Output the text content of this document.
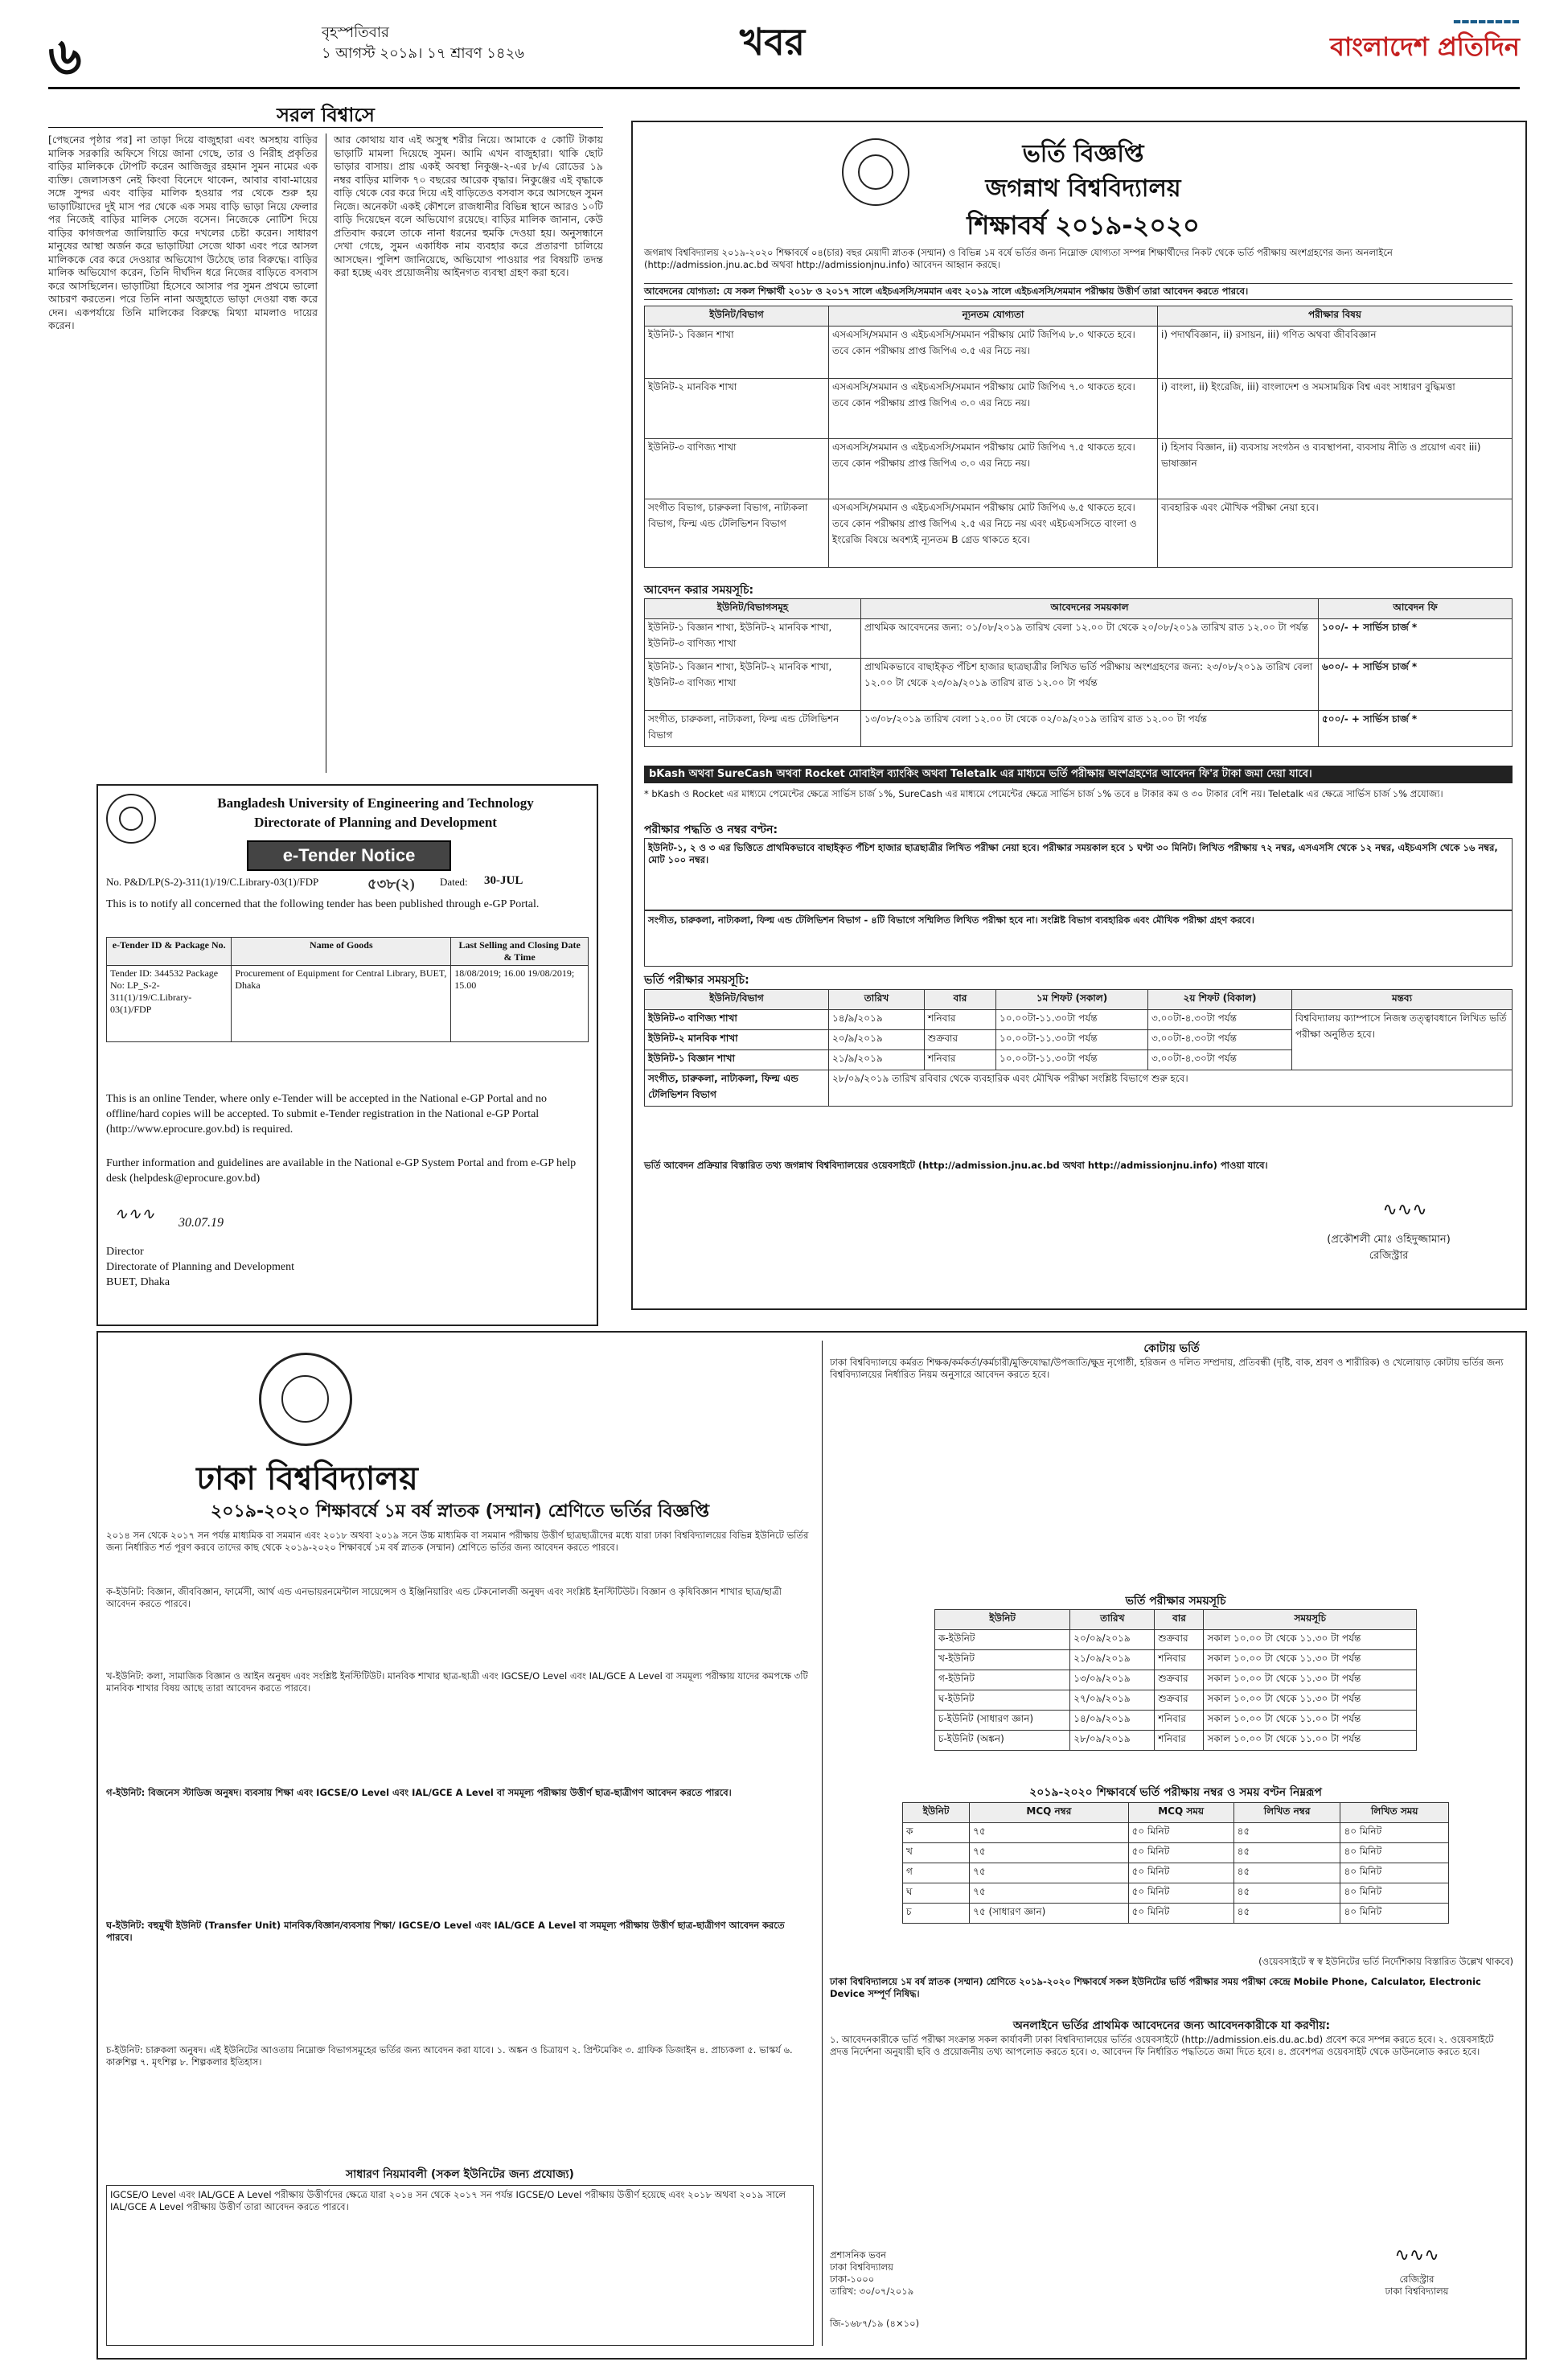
৬	বৃহস্পতিবার
১ আগস্ট ২০১৯। ১৭ শ্রাবণ ১৪২৬	খবর	▬▬▬▬▬▬▬▬
বাংলাদেশ প্রতিদিন
সরল বিশ্বাসে
[পেছনের পৃষ্ঠার পর] না তাড়া দিয়ে বাজুহারা এবং অসহায় বাড়ির মালিক সরকারি অফিসে গিয়ে জানা গেছে, তার ও নিরীহ প্রকৃতির বাড়ির মালিককে টোপটি করেন আজিজুর রহমান সুমন নামের এক ব্যক্তি। জেলাসত্তণ নেই কিংবা বিনেদে থাকেন, আবার বাবা-মায়ের সঙ্গে সুন্দর এবং বাড়ির মালিক হওয়ার পর থেকে শুরু হয় ভাড়াটিয়াদের দুই মাস পর থেকে এক সময় বাড়ি ভাড়া নিয়ে ফেলার পর নিজেই বাড়ির মালিক সেজে বসেন। নিজেকে নোটিশ দিয়ে বাড়ির কাগজপত্র জালিয়াতি করে দখলের চেষ্টা করেন। সাধারণ মানুষের আস্থা অর্জন করে ভাড়াটিয়া সেজে থাকা এবং পরে আসল মালিককে বের করে দেওয়ার অভিযোগ উঠেছে তার বিরুদ্ধে। বাড়ির মালিক অভিযোগ করেন, তিনি দীর্ঘদিন ধরে নিজের বাড়িতে বসবাস করে আসছিলেন। ভাড়াটিয়া হিসেবে আসার পর সুমন প্রথমে ভালো আচরণ করতেন। পরে তিনি নানা অজুহাতে ভাড়া দেওয়া বন্ধ করে দেন। একপর্যায়ে তিনি মালিকের বিরুদ্ধে মিথ্যা মামলাও দায়ের করেন।
আর কোথায় যাব এই অসুস্থ শরীর নিয়ে। আমাকে ৫ কোটি টাকায় ভাড়াটি মামলা দিয়েছে সুমন। আমি এখন বাজুহারা। থাকি ছোট ভাড়ার বাসায়। প্রায় একই অবস্থা নিকুঞ্জ-২-এর ৮/এ রোডের ১৯ নম্বর বাড়ির মালিক ৭০ বছরের আরেক বৃদ্ধার। নিকুঞ্জের এই বৃদ্ধাকে বাড়ি থেকে বের করে দিয়ে এই বাড়িতেও বসবাস করে আসছেন সুমন নিজে। অনেকটা একই কৌশলে রাজধানীর বিভিন্ন স্থানে আরও ১০টি বাড়ি দিয়েছেন বলে অভিযোগ রয়েছে। বাড়ির মালিক জানান, কেউ প্রতিবাদ করলে তাকে নানা ধরনের হুমকি দেওয়া হয়। অনুসন্ধানে দেখা গেছে, সুমন একাধিক নাম ব্যবহার করে প্রতারণা চালিয়ে আসছেন। পুলিশ জানিয়েছে, অভিযোগ পাওয়ার পর বিষয়টি তদন্ত করা হচ্ছে এবং প্রয়োজনীয় আইনগত ব্যবস্থা গ্রহণ করা হবে।
Bangladesh University of Engineering and Technology
Directorate of Planning and Development
e-Tender Notice
No. P&D/LP(S-2)-311(1)/19/C.Library-03(1)/FDP	৫৩৮(২)	Dated:	30-JUL
This is to notify all concerned that the following tender has been published through e-GP Portal.
e-Tender ID & Package No.	Name of Goods	Last Selling and Closing Date & Time
Tender ID: 344532 Package No: LP_S-2-311(1)/19/C.Library-03(1)/FDP	Procurement of Equipment for Central Library, BUET, Dhaka	18/08/2019; 16.00 19/08/2019; 15.00
This is an online Tender, where only e-Tender will be accepted in the National e-GP Portal and no offline/hard copies will be accepted. To submit e-Tender registration in the National e-GP Portal (http://www.eprocure.gov.bd) is required.
Further information and guidelines are available in the National e-GP System Portal and from e-GP help desk (helpdesk@eprocure.gov.bd)
∿∿∿	30.07.19
Director
Directorate of Planning and Development
BUET, Dhaka
ভর্তি বিজ্ঞপ্তি
জগন্নাথ বিশ্ববিদ্যালয়
শিক্ষাবর্ষ ২০১৯-২০২০
জগন্নাথ বিশ্ববিদ্যালয় ২০১৯-২০২০ শিক্ষাবর্ষে ০৪(চার) বছর মেয়াদী স্নাতক (সম্মান) ও বিভিন্ন ১ম বর্ষে ভর্তির জন্য নিম্নোক্ত যোগ্যতা সম্পন্ন শিক্ষার্থীদের নিকট থেকে ভর্তি পরীক্ষায় অংশগ্রহণের জন্য অনলাইনে (http://admission.jnu.ac.bd অথবা http://admissionjnu.info) আবেদন আহ্বান করছে।
আবেদনের যোগ্যতা: যে সকল শিক্ষার্থী ২০১৮ ও ২০১৭ সালে এইচএসসি/সমমান এবং ২০১৯ সালে এইচএসসি/সমমান পরীক্ষায় উত্তীর্ণ তারা আবেদন করতে পারবে।
ইউনিট/বিভাগ	ন্যূনতম যোগ্যতা	পরীক্ষার বিষয়
ইউনিট-১ বিজ্ঞান শাখা	এসএসসি/সমমান ও এইচএসসি/সমমান পরীক্ষায় মোট জিপিএ ৮.০ থাকতে হবে। তবে কোন পরীক্ষায় প্রাপ্ত জিপিএ ৩.৫ এর নিচে নয়।	i) পদার্থবিজ্ঞান, ii) রসায়ন, iii) গণিত অথবা জীববিজ্ঞান
ইউনিট-২ মানবিক শাখা	এসএসসি/সমমান ও এইচএসসি/সমমান পরীক্ষায় মোট জিপিএ ৭.০ থাকতে হবে। তবে কোন পরীক্ষায় প্রাপ্ত জিপিএ ৩.০ এর নিচে নয়।	i) বাংলা, ii) ইংরেজি, iii) বাংলাদেশ ও সমসাময়িক বিশ্ব এবং সাধারণ বুদ্ধিমত্তা
ইউনিট-৩ বাণিজ্য শাখা	এসএসসি/সমমান ও এইচএসসি/সমমান পরীক্ষায় মোট জিপিএ ৭.৫ থাকতে হবে। তবে কোন পরীক্ষায় প্রাপ্ত জিপিএ ৩.০ এর নিচে নয়।	i) হিসাব বিজ্ঞান, ii) ব্যবসায় সংগঠন ও ব্যবস্থাপনা, ব্যবসায় নীতি ও প্রয়োগ এবং iii) ভাষাজ্ঞান
সংগীত বিভাগ, চারুকলা বিভাগ, নাট্যকলা বিভাগ, ফিল্ম এন্ড টেলিভিশন বিভাগ	এসএসসি/সমমান ও এইচএসসি/সমমান পরীক্ষায় মোট জিপিএ ৬.৫ থাকতে হবে। তবে কোন পরীক্ষায় প্রাপ্ত জিপিএ ২.৫ এর নিচে নয় এবং এইচএসসিতে বাংলা ও ইংরেজি বিষয়ে অবশ্যই ন্যূনতম B গ্রেড থাকতে হবে।	ব্যবহারিক এবং মৌখিক পরীক্ষা নেয়া হবে।
আবেদন করার সময়সূচি:
ইউনিট/বিভাগসমূহ	আবেদনের সময়কাল	আবেদন ফি
ইউনিট-১ বিজ্ঞান শাখা, ইউনিট-২ মানবিক শাখা, ইউনিট-৩ বাণিজ্য শাখা	প্রাথমিক আবেদনের জন্য: ০১/০৮/২০১৯ তারিখ বেলা ১২.০০ টা থেকে ২০/০৮/২০১৯ তারিখ রাত ১২.০০ টা পর্যন্ত	১০০/- + সার্ভিস চার্জ *
ইউনিট-১ বিজ্ঞান শাখা, ইউনিট-২ মানবিক শাখা, ইউনিট-৩ বাণিজ্য শাখা	প্রাথমিকভাবে বাছাইকৃত পঁচিশ হাজার ছাত্রছাত্রীর লিখিত ভর্তি পরীক্ষায় অংশগ্রহণের জন্য: ২৩/০৮/২০১৯ তারিখ বেলা ১২.০০ টা থেকে ২৩/০৯/২০১৯ তারিখ রাত ১২.০০ টা পর্যন্ত	৬০০/- + সার্ভিস চার্জ *
সংগীত, চারুকলা, নাট্যকলা, ফিল্ম এন্ড টেলিভিশন বিভাগ	১৩/০৮/২০১৯ তারিখ বেলা ১২.০০ টা থেকে ০২/০৯/২০১৯ তারিখ রাত ১২.০০ টা পর্যন্ত	৫০০/- + সার্ভিস চার্জ *
bKash অথবা SureCash অথবা Rocket মোবাইল ব্যাংকিং অথবা Teletalk এর মাধ্যমে ভর্তি পরীক্ষায় অংশগ্রহণের আবেদন ফি'র টাকা জমা দেয়া যাবে।
* bKash ও Rocket এর মাধ্যমে পেমেন্টের ক্ষেত্রে সার্ভিস চার্জ ১%, SureCash এর মাধ্যমে পেমেন্টের ক্ষেত্রে সার্ভিস চার্জ ১% তবে ৪ টাকার কম ও ৩০ টাকার বেশি নয়। Teletalk এর ক্ষেত্রে সার্ভিস চার্জ ১% প্রযোজ্য।
পরীক্ষার পদ্ধতি ও নম্বর বণ্টন:
ইউনিট-১, ২ ও ৩ এর ভিত্তিতে প্রাথমিকভাবে বাছাইকৃত পঁচিশ হাজার ছাত্রছাত্রীর লিখিত পরীক্ষা নেয়া হবে। পরীক্ষার সময়কাল হবে ১ ঘণ্টা ৩০ মিনিট। লিখিত পরীক্ষায় ৭২ নম্বর, এসএসসি থেকে ১২ নম্বর, এইচএসসি থেকে ১৬ নম্বর, মোট ১০০ নম্বর।
সংগীত, চারুকলা, নাট্যকলা, ফিল্ম এন্ড টেলিভিশন বিভাগ - ৪টি বিভাগে সম্মিলিত লিখিত পরীক্ষা হবে না। সংশ্লিষ্ট বিভাগ ব্যবহারিক এবং মৌখিক পরীক্ষা গ্রহণ করবে।
ভর্তি পরীক্ষার সময়সূচি:
ইউনিট/বিভাগ	তারিখ	বার	১ম শিফট (সকাল)	২য় শিফট (বিকাল)	মন্তব্য
ইউনিট-৩ বাণিজ্য শাখা	১৪/৯/২০১৯	শনিবার	১০.০০টা-১১.৩০টা পর্যন্ত	৩.০০টা-৪.৩০টা পর্যন্ত	বিশ্ববিদ্যালয় ক্যাম্পাসে নিজস্ব তত্ত্বাবধানে লিখিত ভর্তি পরীক্ষা অনুষ্ঠিত হবে।
ইউনিট-২ মানবিক শাখা	২০/৯/২০১৯	শুক্রবার	১০.০০টা-১১.৩০টা পর্যন্ত	৩.০০টা-৪.৩০টা পর্যন্ত	
ইউনিট-১ বিজ্ঞান শাখা	২১/৯/২০১৯	শনিবার	১০.০০টা-১১.৩০টা পর্যন্ত	৩.০০টা-৪.৩০টা পর্যন্ত	
সংগীত, চারুকলা, নাট্যকলা, ফিল্ম এন্ড টেলিভিশন বিভাগ	২৮/০৯/২০১৯ তারিখ রবিবার থেকে ব্যবহারিক এবং মৌখিক পরীক্ষা সংশ্লিষ্ট বিভাগে শুরু হবে।				
ভর্তি আবেদন প্রক্রিয়ার বিস্তারিত তথ্য জগন্নাথ বিশ্ববিদ্যালয়ের ওয়েবসাইটে (http://admission.jnu.ac.bd অথবা http://admissionjnu.info) পাওয়া যাবে।
∿∿∿
(প্রকৌশলী মোঃ ওহিদুজ্জামান)
রেজিস্ট্রার
ঢাকা বিশ্ববিদ্যালয়
২০১৯-২০২০ শিক্ষাবর্ষে ১ম বর্ষ স্নাতক (সম্মান) শ্রেণিতে ভর্তির বিজ্ঞপ্তি
২০১৪ সন থেকে ২০১৭ সন পর্যন্ত মাধ্যমিক বা সমমান এবং ২০১৮ অথবা ২০১৯ সনে উচ্চ মাধ্যমিক বা সমমান পরীক্ষায় উত্তীর্ণ ছাত্রছাত্রীদের মধ্যে যারা ঢাকা বিশ্ববিদ্যালয়ের বিভিন্ন ইউনিটে ভর্তির জন্য নির্ধারিত শর্ত পূরণ করবে তাদের কাছ থেকে ২০১৯-২০২০ শিক্ষাবর্ষে ১ম বর্ষ স্নাতক (সম্মান) শ্রেণিতে ভর্তির জন্য আবেদন করতে পারবে।
ক-ইউনিট: বিজ্ঞান, জীববিজ্ঞান, ফার্মেসী, আর্থ এন্ড এনভায়রনমেন্টাল সায়েন্সেস ও ইঞ্জিনিয়ারিং এন্ড টেকনোলজী অনুষদ এবং সংশ্লিষ্ট ইনস্টিটিউট। বিজ্ঞান ও কৃষিবিজ্ঞান শাখার ছাত্র/ছাত্রী আবেদন করতে পারবে।
খ-ইউনিট: কলা, সামাজিক বিজ্ঞান ও আইন অনুষদ এবং সংশ্লিষ্ট ইনস্টিটিউট। মানবিক শাখার ছাত্র-ছাত্রী এবং IGCSE/O Level এবং IAL/GCE A Level বা সমমূল্য পরীক্ষায় যাদের কমপক্ষে ৩টি মানবিক শাখার বিষয় আছে তারা আবেদন করতে পারবে।
গ-ইউনিট: বিজনেস স্টাডিজ অনুষদ। ব্যবসায় শিক্ষা এবং IGCSE/O Level এবং IAL/GCE A Level বা সমমূল্য পরীক্ষায় উত্তীর্ণ ছাত্র-ছাত্রীগণ আবেদন করতে পারবে।
ঘ-ইউনিট: বহুমুখী ইউনিট (Transfer Unit) মানবিক/বিজ্ঞান/ব্যবসায় শিক্ষা/ IGCSE/O Level এবং IAL/GCE A Level বা সমমূল্য পরীক্ষায় উত্তীর্ণ ছাত্র-ছাত্রীগণ আবেদন করতে পারবে।
চ-ইউনিট: চারুকলা অনুষদ। এই ইউনিটের আওতায় নিম্নোক্ত বিভাগসমূহের ভর্তির জন্য আবেদন করা যাবে। ১. অঙ্কন ও চিত্রায়ণ ২. প্রিন্টমেকিং ৩. গ্রাফিক ডিজাইন ৪. প্রাচ্যকলা ৫. ভাস্কর্য ৬. কারুশিল্প ৭. মৃৎশিল্প ৮. শিল্পকলার ইতিহাস।
সাধারণ নিয়মাবলী (সকল ইউনিটের জন্য প্রযোজ্য)
IGCSE/O Level এবং IAL/GCE A Level পরীক্ষায় উত্তীর্ণদের ক্ষেত্রে যারা ২০১৪ সন থেকে ২০১৭ সন পর্যন্ত IGCSE/O Level পরীক্ষায় উত্তীর্ণ হয়েছে এবং ২০১৮ অথবা ২০১৯ সালে IAL/GCE A Level পরীক্ষায় উত্তীর্ণ তারা আবেদন করতে পারবে।
কোটায় ভর্তি
ঢাকা বিশ্ববিদ্যালয়ে কর্মরত শিক্ষক/কর্মকর্তা/কর্মচারী/মুক্তিযোদ্ধা/উপজাতি/ক্ষুদ্র নৃগোষ্ঠী, হরিজন ও দলিত সম্প্রদায়, প্রতিবন্ধী (দৃষ্টি, বাক, শ্রবণ ও শারীরিক) ও খেলোয়াড় কোটায় ভর্তির জন্য বিশ্ববিদ্যালয়ের নির্ধারিত নিয়ম অনুসারে আবেদন করতে হবে।
ভর্তি পরীক্ষার সময়সূচি
ইউনিট	তারিখ	বার	সময়সূচি
ক-ইউনিট	২০/০৯/২০১৯	শুক্রবার	সকাল ১০.০০ টা থেকে ১১.৩০ টা পর্যন্ত
খ-ইউনিট	২১/০৯/২০১৯	শনিবার	সকাল ১০.০০ টা থেকে ১১.৩০ টা পর্যন্ত
গ-ইউনিট	১৩/০৯/২০১৯	শুক্রবার	সকাল ১০.০০ টা থেকে ১১.৩০ টা পর্যন্ত
ঘ-ইউনিট	২৭/০৯/২০১৯	শুক্রবার	সকাল ১০.০০ টা থেকে ১১.৩০ টা পর্যন্ত
চ-ইউনিট (সাধারণ জ্ঞান)	১৪/০৯/২০১৯	শনিবার	সকাল ১০.০০ টা থেকে ১১.০০ টা পর্যন্ত
চ-ইউনিট (অঙ্কন)	২৮/০৯/২০১৯	শনিবার	সকাল ১০.০০ টা থেকে ১১.০০ টা পর্যন্ত
২০১৯-২০২০ শিক্ষাবর্ষে ভর্তি পরীক্ষায় নম্বর ও সময় বণ্টন নিম্নরূপ
ইউনিট	MCQ নম্বর	MCQ সময়	লিখিত নম্বর	লিখিত সময়
ক	৭৫	৫০ মিনিট	৪৫	৪০ মিনিট
খ	৭৫	৫০ মিনিট	৪৫	৪০ মিনিট
গ	৭৫	৫০ মিনিট	৪৫	৪০ মিনিট
ঘ	৭৫	৫০ মিনিট	৪৫	৪০ মিনিট
চ	৭৫ (সাধারণ জ্ঞান)	৫০ মিনিট	৪৫	৪০ মিনিট
(ওয়েবসাইটে স্ব স্ব ইউনিটের ভর্তি নির্দেশিকায় বিস্তারিত উল্লেখ থাকবে)
ঢাকা বিশ্ববিদ্যালয়ে ১ম বর্ষ স্নাতক (সম্মান) শ্রেণিতে ২০১৯-২০২০ শিক্ষাবর্ষে সকল ইউনিটের ভর্তি পরীক্ষার সময় পরীক্ষা কেন্দ্রে Mobile Phone, Calculator, Electronic Device সম্পূর্ণ নিষিদ্ধ।
অনলাইনে ভর্তির প্রাথমিক আবেদনের জন্য আবেদনকারীকে যা করণীয়:
১. আবেদনকারীকে ভর্তি পরীক্ষা সংক্রান্ত সকল কার্যাবলী ঢাকা বিশ্ববিদ্যালয়ের ভর্তির ওয়েবসাইটে (http://admission.eis.du.ac.bd) প্রবেশ করে সম্পন্ন করতে হবে। ২. ওয়েবসাইটে প্রদত্ত নির্দেশনা অনুযায়ী ছবি ও প্রয়োজনীয় তথ্য আপলোড করতে হবে। ৩. আবেদন ফি নির্ধারিত পদ্ধতিতে জমা দিতে হবে। ৪. প্রবেশপত্র ওয়েবসাইট থেকে ডাউনলোড করতে হবে।
প্রশাসনিক ভবন
ঢাকা বিশ্ববিদ্যালয়
ঢাকা-১০০০
তারিখ: ৩০/০৭/২০১৯
∿∿∿
রেজিস্ট্রার
ঢাকা বিশ্ববিদ্যালয়
জি-১৬৮৭/১৯ (৪×১০)
